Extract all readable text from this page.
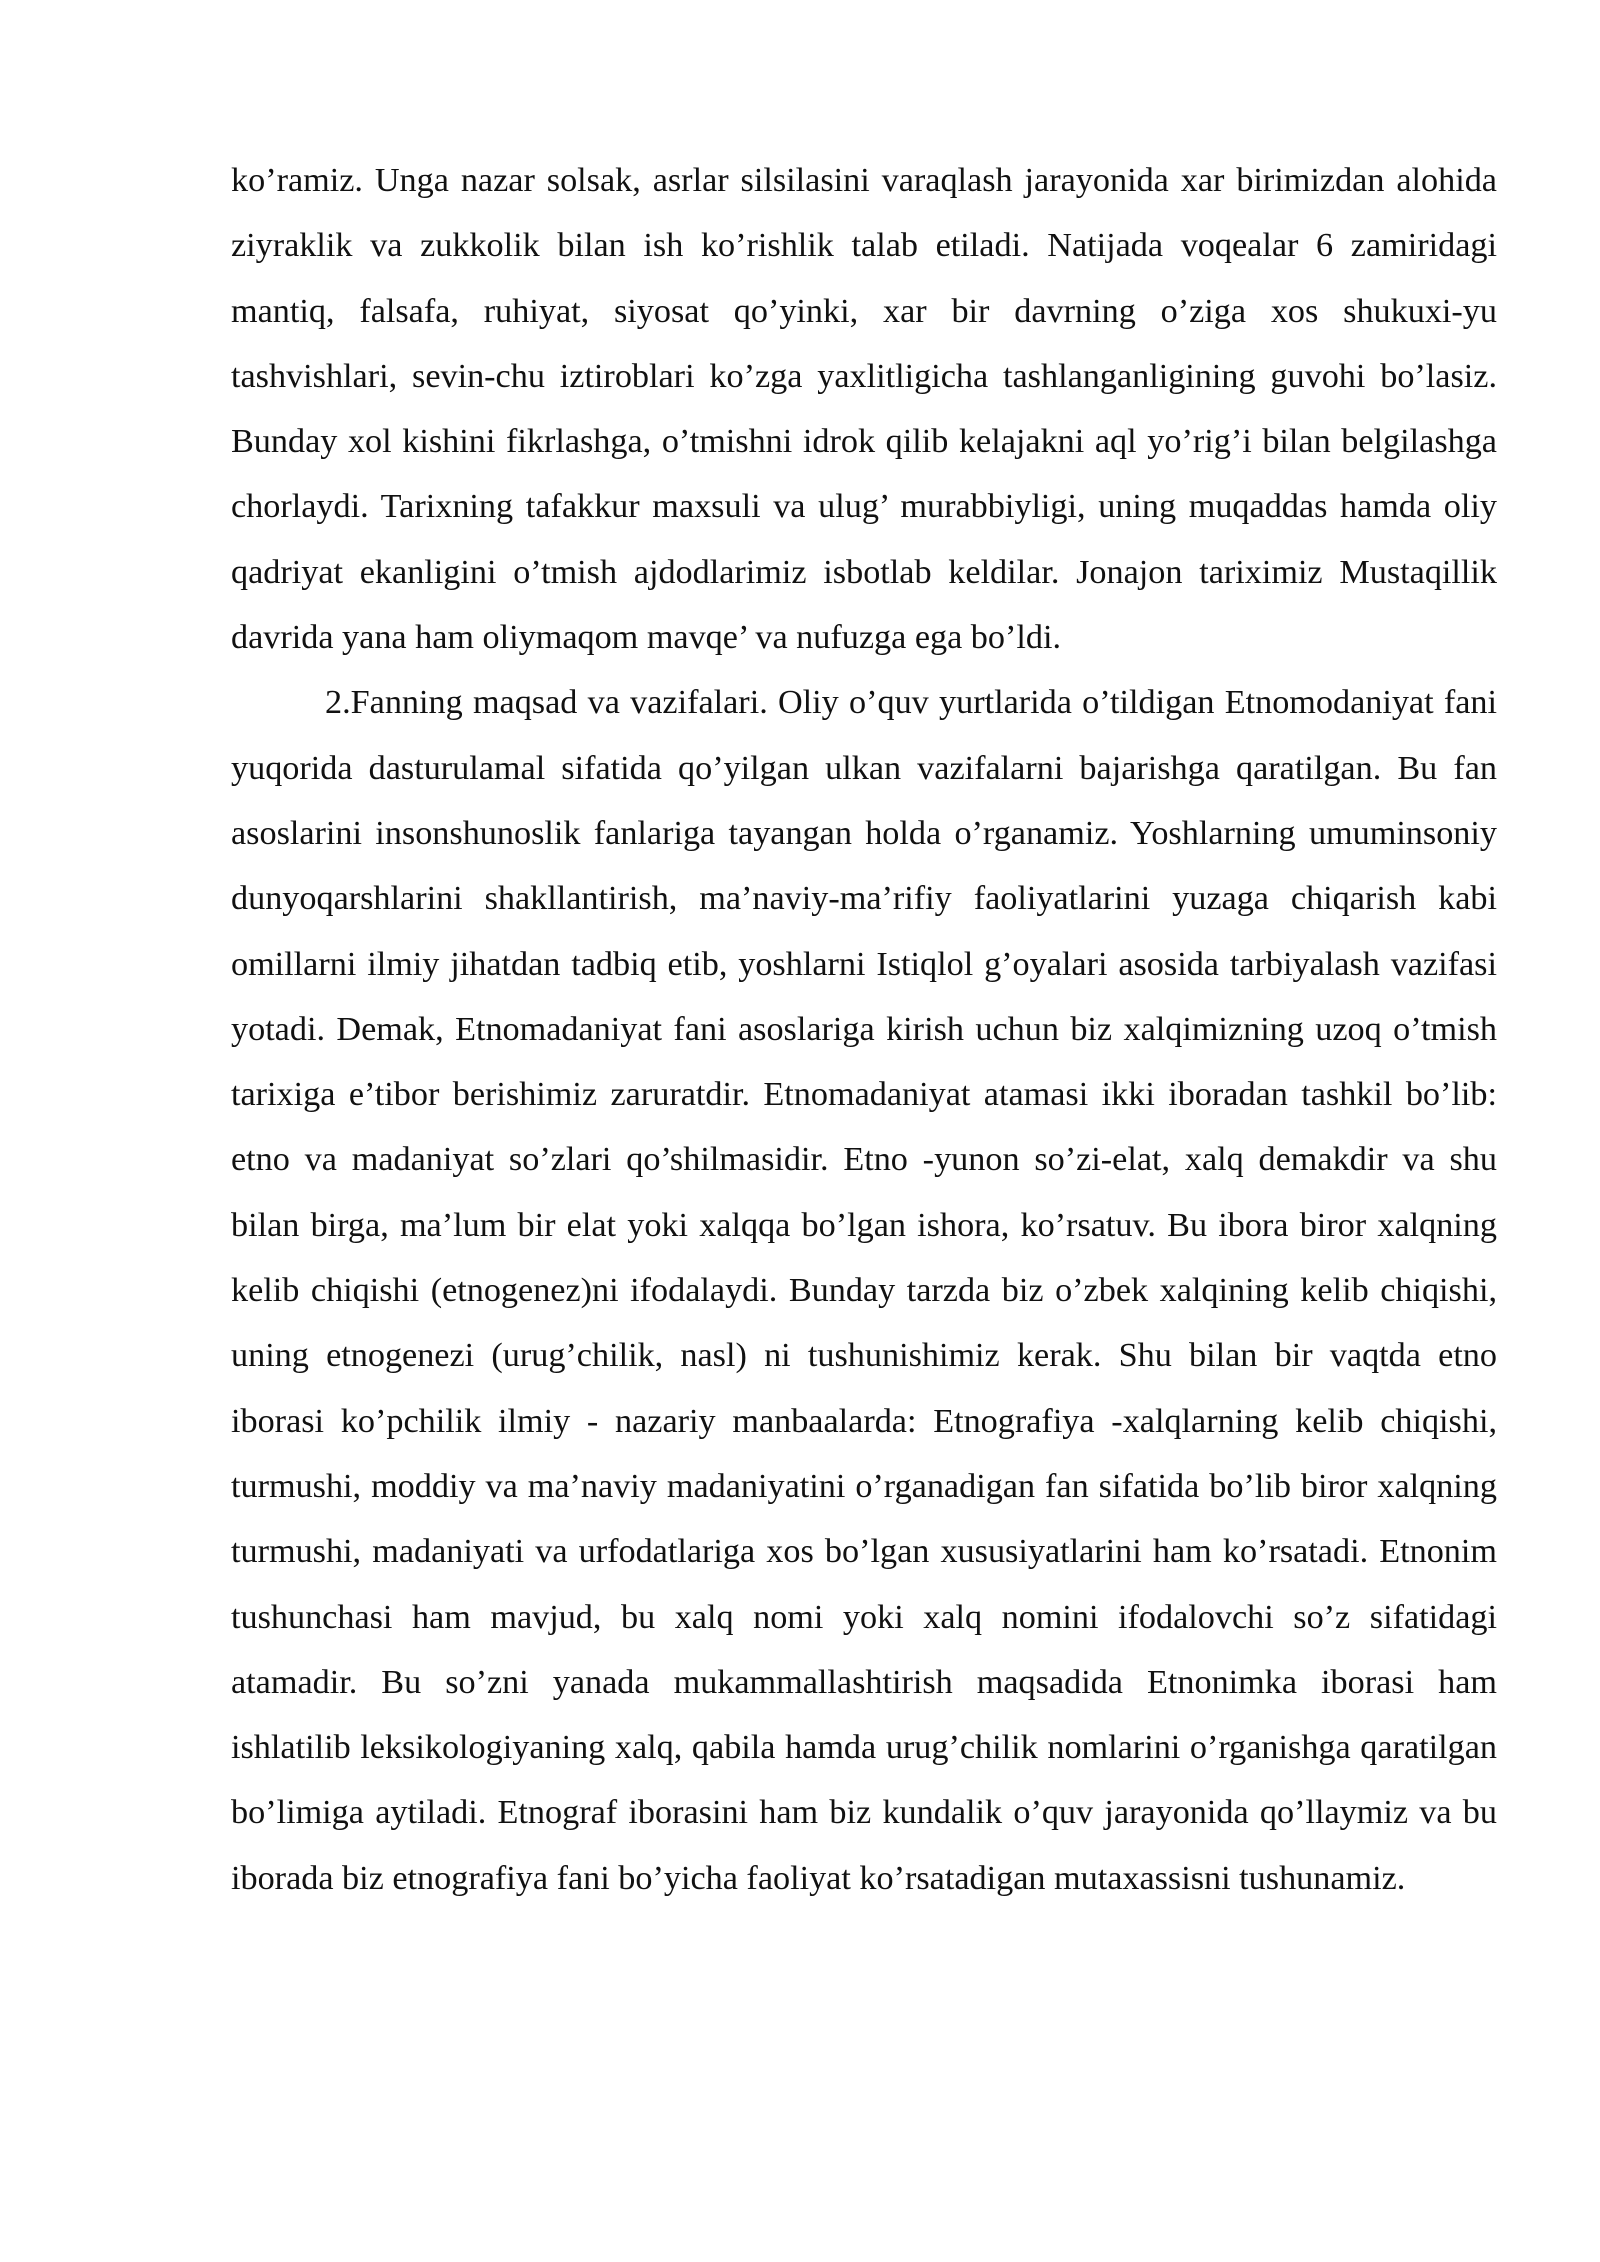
ko’ramiz. Unga nazar solsak, asrlar silsilasini varaqlash jarayonida xar birimizdan alohida ziyraklik va zukkolik bilan ish ko’rishlik talab etiladi. Natijada voqealar 6 zamiridagi mantiq, falsafa, ruhiyat, siyosat qo’yinki, xar bir davrning o’ziga xos shukuxi-yu tashvishlari, sevin-chu iztiroblari ko’zga yaxlitligicha tashlanganligining guvohi bo’lasiz. Bunday xol kishini fikrlashga, o’tmishni idrok qilib kelajakni aql yo’rig’i bilan belgilashga chorlaydi. Tarixning tafakkur maxsuli va ulug’ murabbiyligi, uning muqaddas hamda oliy qadriyat ekanligini o’tmish ajdodlarimiz isbotlab keldilar. Jonajon tariximiz Mustaqillik davrida yana ham oliymaqom mavqe’ va nufuzga ega bo’ldi.

2.Fanning maqsad va vazifalari. Oliy o’quv yurtlarida o’tildigan Etnomodaniyat fani yuqorida dasturulamal sifatida qo’yilgan ulkan vazifalarni bajarishga qaratilgan. Bu fan asoslarini insonshunoslik fanlariga tayangan holda o’rganamiz. Yoshlarning umuminsoniy dunyoqarshlarini shakllantirish, ma’naviy-ma’rifiy faoliyatlarini yuzaga chiqarish kabi omillarni ilmiy jihatdan tadbiq etib, yoshlarni Istiqlol g’oyalari asosida tarbiyalash vazifasi yotadi. Demak, Etnomadaniyat fani asoslariga kirish uchun biz xalqimizning uzoq o’tmish tarixiga e’tibor berishimiz zaruratdir. Etnomadaniyat atamasi ikki iboradan tashkil bo’lib: etno va madaniyat so’zlari qo’shilmasidir. Etno -yunon so’zi-elat, xalq demakdir va shu bilan birga, ma’lum bir elat yoki xalqqa bo’lgan ishora, ko’rsatuv. Bu ibora biror xalqning kelib chiqishi (etnogenez)ni ifodalaydi. Bunday tarzda biz o’zbek xalqining kelib chiqishi, uning etnogenezi (urug’chilik, nasl) ni tushunishimiz kerak. Shu bilan bir vaqtda etno iborasi ko’pchilik ilmiy - nazariy manbaalarda: Etnografiya -xalqlarning kelib chiqishi, turmushi, moddiy va ma’naviy madaniyatini o’rganadigan fan sifatida bo’lib biror xalqning turmushi, madaniyati va urfodatlariga xos bo’lgan xususiyatlarini ham ko’rsatadi. Etnonim tushunchasi ham mavjud, bu xalq nomi yoki xalq nomini ifodalovchi so’z sifatidagi atamadir. Bu so’zni yanada mukammallashtirish maqsadida Etnonimka iborasi ham ishlatilib leksikologiyaning xalq, qabila hamda urug’chilik nomlarini o’rganishga qaratilgan bo’limiga aytiladi. Etnograf iborasini ham biz kundalik o’quv jarayonida qo’llaymiz va bu iborada biz etnografiya fani bo’yicha faoliyat ko’rsatadigan mutaxassisni tushunamiz.
